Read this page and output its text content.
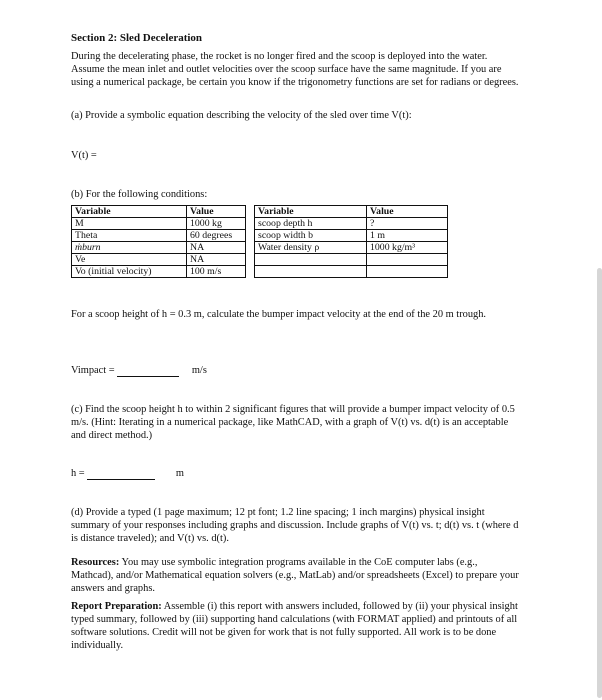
Section 2: Sled Deceleration

During the decelerating phase, the rocket is no longer fired and the scoop is deployed into the water. Assume the mean inlet and outlet velocities over the scoop surface have the same magnitude. If you are using a numerical package, be certain you know if the trigonometry functions are set for radians or degrees.

(a) Provide a symbolic equation describing the velocity of the sled over time V(t):

V(t) =

(b) For the following conditions:

Variable	Value		Variable	Value
M	1000 kg		scoop depth h	?
Theta	60 degrees		scoop width b	1 m
ṁburn	NA		Water density ρ	1000 kg/m³
Ve	NA			
Vo (initial velocity)	100 m/s			

For a scoop height of h = 0.3 m, calculate the bumper impact velocity at the end of the 20 m trough.

Vimpact =	m/s

(c) Find the scoop height h to within 2 significant figures that will provide a bumper impact velocity of 0.5 m/s. (Hint: Iterating in a numerical package, like MathCAD, with a graph of V(t) vs. d(t) is an acceptable and direct method.)

h =	m

(d) Provide a typed (1 page maximum; 12 pt font; 1.2 line spacing; 1 inch margins) physical insight summary of your responses including graphs and discussion. Include graphs of V(t) vs. t; d(t) vs. t (where d is distance traveled); and V(t) vs. d(t).

Resources: You may use symbolic integration programs available in the CoE computer labs (e.g., Mathcad), and/or Mathematical equation solvers (e.g., MatLab) and/or spreadsheets (Excel) to prepare your answers and graphs.

Report Preparation: Assemble (i) this report with answers included, followed by (ii) your physical insight typed summary, followed by (iii) supporting hand calculations (with FORMAT applied) and printouts of all software solutions. Credit will not be given for work that is not fully supported. All work is to be done individually.
